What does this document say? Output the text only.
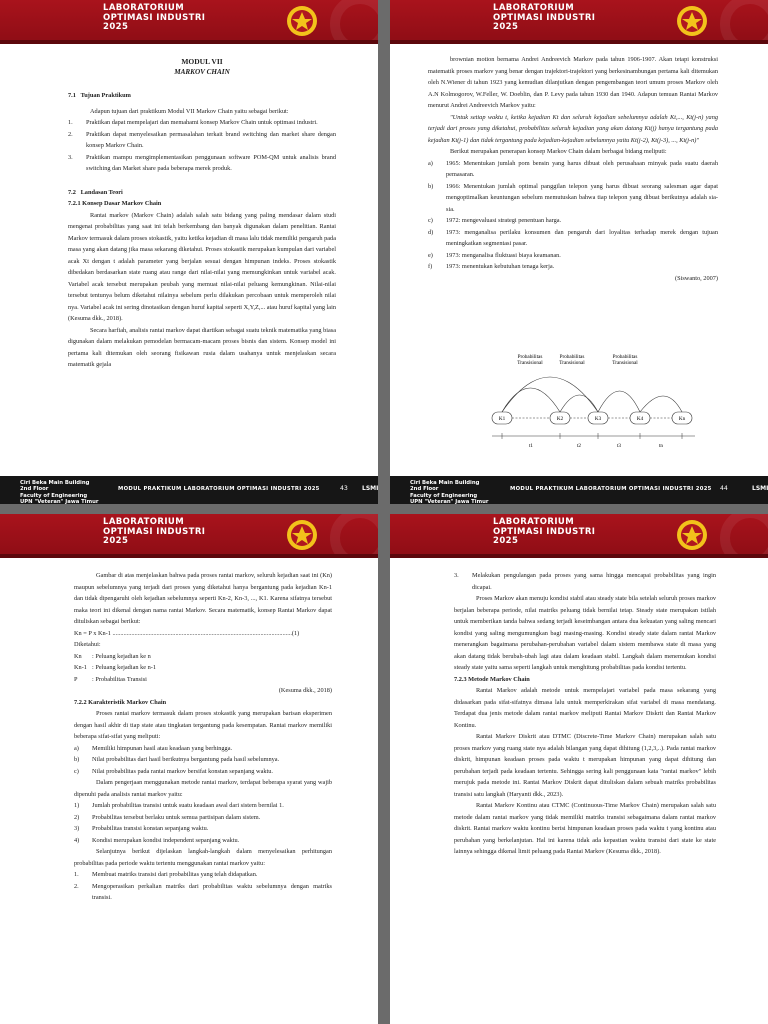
LABORATORIUM
OPTIMASI INDUSTRI
2025
MODUL VII
MARKOV CHAIN

7.1   Tujuan Praktikum

Adapun tujuan dari praktikum Modul VII Markov Chain yaitu sebagai berikut:

1.	Praktikan dapat mempelajari dan memahami konsep Markov Chain untuk optimasi industri.
2.	Praktikan dapat menyelesaikan permasalahan terkait brand switching dan market share dengan konsep Markov Chain.
3.	Praktikan mampu mengimplementasikan penggunaan software POM-QM untuk analisis brand switching dan Market share pada beberapa merek produk.

7.2   Landasan Teori

7.2.1 Konsep Dasar Markov Chain

Rantai markov (Markov Chain) adalah salah satu bidang yang paling mendasar dalam studi mengenai probabilitas yang saat ini telah berkembang dan banyak digunakan dalam penelitian. Rantai Markov termasuk dalam proses stokastik, yaitu ketika kejadian di masa lalu tidak memiliki pengaruh pada masa yang akan datang jika masa sekarang diketahui. Proses stokastik merupakan kumpulan dari variabel acak Xt dengan t adalah parameter yang berjalan sesuai dengan himpunan indeks. Proses stokastik dibedakan berdasarkan state ruang atau range dari nilai-nilai yang memungkinkan untuk variabel acak. Variabel acak tersebut merupakan peubah yang memuat nilai-nilai peluang kemungkinan. Nilai-nilai tersebut tentunya belum diketahui nilainya sebelum perlu dilakukan percobaan untuk memperoleh nilai nya. Variabel acak ini sering dinotasikan dengan huruf kapital seperti X,Y,Z,... atau huruf kapital yang lain (Kesuma dkk., 2018).

Secara harfiah, analisis rantai markov dapat diartikan sebagai suatu teknik matematika yang biasa digunakan dalam melakukan pemodelan bermacam-macam proses bisnis dan sistem. Konsep model ini pertama kali ditemukan oleh seorang fisikawan rusia dalam usahanya untuk menjelaskan secara matematik gejala

Ciri Beka Main Building
2nd Floor
Faculty of Engineering
UPN "Veteran" Jawa Timur
MODUL PRAKTIKUM LABORATORIUM OPTIMASI INDUSTRI 2025	43 LSMI
LABORATORIUM
OPTIMASI INDUSTRI
2025

brownian motion bernama Andrei Andreevich Markov pada tahun 1906-1907. Akan tetapi konstruksi matematik proses markov yang benar dengan trajektori-trajektori yang berkesinambungan pertama kali ditemukan oleh N.Wiener di tahun 1923 yang kemudian dilanjutkan dengan pengembangan teori umum proses Markov oleh A.N Kolmogorov, W.Feller, W. Doeblin, dan P. Levy pada tahun 1930 dan 1940. Adapun temuan Rantai Markov menurut Andrei Andreevich Markov yaitu:

"Untuk setiap waktu t, ketika kejadian Kt dan seluruh kejadian sebelumnya adalah Kt,..., Kt(j-n) yang terjadi dari proses yang diketahui, probabilitas seluruh kejadian yang akan datang Kt(j) hanya tergantung pada kejadian Kt(j-1) dan tidak tergantung pada kejadian-kejadian sebelumnya yaitu Kt(j-2), Kt(j-3), ..., Kt(j-n)"

Berikut merupakan penerapan konsep Markov Chain dalam berbagai bidang meliputi:

a)	1965: Menentukan jumlah pom bensin yang harus dibuat oleh perusahaan minyak pada suatu daerah pemasaran.
b)	1966: Menentukan jumlah optimal panggilan telepon yang harus dibuat seorang salesman agar dapat mengoptimalkan keuntungan sebelum memutuskan bahwa tiap telepon yang dibuat berikutnya adalah sia-sia.
c)	1972: mengevaluasi strategi penentuan harga.
d)	1973: menganalisa perilaku konsumen dan pengaruh dari loyalitas terhadap merek dengan tujuan meningkatkan segmentasi pasar.
e)	1973: menganalisa fluktuasi biaya keamanan.
f)	1973: menentukan kebutuhan tenaga kerja.

(Siswanto, 2007)

Probabilitas
Transisional
Probabilitas
Transisional
Probabilitas
Transisional
K1	K2	K3	K4	Kn
t1	t2	t3	tn
Ciri Beka Main Building
2nd Floor
Faculty of Engineering
UPN "Veteran" Jawa Timur
MODUL PRAKTIKUM LABORATORIUM OPTIMASI INDUSTRI 2025 44	LSMI
LABORATORIUM
OPTIMASI INDUSTRI
2025

Gambar di atas menjelaskan bahwa pada proses rantai markov, seluruh kejadian saat ini (Kn) maupun sebelumnya yang terjadi dari proses yang diketahui hanya bergantung pada kejadian Kn-1 dan tidak dipengaruhi oleh kejadian sebelumnya seperti Kn-2, Kn-3, ..., K1. Karena sifatnya tersebut maka teori ini dikenal dengan nama rantai Markov. Secara matematik, konsep Rantai Markov dapat dituliskan sebagai berikut:

Kn = P x Kn-1 ..................................................................................................................(1)

Diketahui:

Kn	: Peluang kejadian ke n
Kn-1 : Peluang kejadian ke n-1
P	: Probabilitas Transisi

(Kesuma dkk., 2018)

7.2.2 Karakteristik Markov Chain

Proses rantai markov termasuk dalam proses stokastik yang merupakan barisan eksperimen dengan hasil akhir di tiap state atau tingkatan tergantung pada kesempatan. Rantai markov memiliki beberapa sifat-sifat yang meliputi:

a)	Memiliki himpunan hasil atau keadaan yang berhingga.
b)	Nilai probabilitas dari hasil berikutnya bergantung pada hasil sebelumnya.
c)	Nilai probabilitas pada rantai markov bersifat konstan sepanjang waktu.

Dalam pengerjaan menggunakan metode rantai markov, terdapat beberapa syarat yang wajib dipenuhi pada analisis rantai markov yaitu:

1)	Jumlah probabilitas transisi untuk suatu keadaan awal dari sistem bernilai 1.
2)	Probabilitas tersebut berlaku untuk semua partisipan dalam sistem.
3)	Probabilitas transisi konstan sepanjang waktu.
4)	Kondisi merupakan kondisi independent sepanjang waktu.

Selanjutnya berikut dijelaskan langkah-langkah dalam menyelesaikan perhitungan probabilitas pada periode waktu tertentu menggunakan rantai markov yaitu:

1.	Membuat matriks transisi dari probabilitas yang telah didapatkan.
2.	Mengoperasikan perkalian matriks dari probabilitas waktu sebelumnya dengan matriks transisi.
LABORATORIUM
OPTIMASI INDUSTRI
2025
3.	Melakukan pengulangan pada proses yang sama hingga mencapai probabilitas yang ingin dicapai.

Proses Markov akan menuju kondisi stabil atau steady state bila setelah seluruh proses markov berjalan beberapa periode, nilai matriks peluang tidak bernilai tetap. Steady state merupakan istilah untuk memberikan tanda bahwa sedang terjadi keseimbangan antara dua kekuatan yang saling mencari kondisi yang saling mengumungkan bagi masing-masing. Kondisi steady state dalam rantai Markov menerangkan bagaimana perubahan-perubahan variabel dalam sistem membawa state di masa yang akan datang tidak berubah-ubah lagi atau dalam keadaan stabil. Langkah dalam menemukan kondisi steady state yaitu sama seperti langkah untuk menghitung probabilitas pada kondisi tertentu.

7.2.3 Metode Markov Chain

Rantai Markov adalah metode untuk mempelajari variabel pada masa sekarang yang didasarkan pada sifat-sifatnya dimasa lalu untuk memperkirakan sifat variabel di masa mendatang. Terdapat dua jenis metode dalam rantai markov meliputi Rantai Markov Diskrit dan Rantai Markov Kontinu.

Rantai Markov Diskrit atau DTMC (Discrete-Time Markov Chain) merupakan salah satu proses markov yang ruang state nya adalah bilangan yang dapat dihitung (1,2,3,..). Pada rantai markov diskrit, himpunan keadaan proses pada waktu t merupakan himpunan yang dapat dihitung dan perubahan terjadi pada keadaan tertentu. Sehingga sering kali penggunaan kata "rantai markov" lebih merujuk pada metode ini. Rantai Markov Diskrit dapat dituliskan dalam sebuah matriks probabilitas transisi satu langkah (Haryanti dkk., 2023).

Rantai Markov Kontinu atau CTMC (Continuous-Time Markov Chain) merupakan salah satu metode dalam rantai markov yang tidak memiliki matriks transisi sebagaimana dalam rantai markov diskrit. Rantai markov waktu kontinu berisi himpunan keadaan proses pada waktu t yang kontinu atau perubahan yang berkelanjutan. Hal ini karena tidak ada kepastian waktu transisi dari state ke state lainnya sehingga dikenal limit peluang pada Rantai Markov (Kesuma dkk., 2018).
